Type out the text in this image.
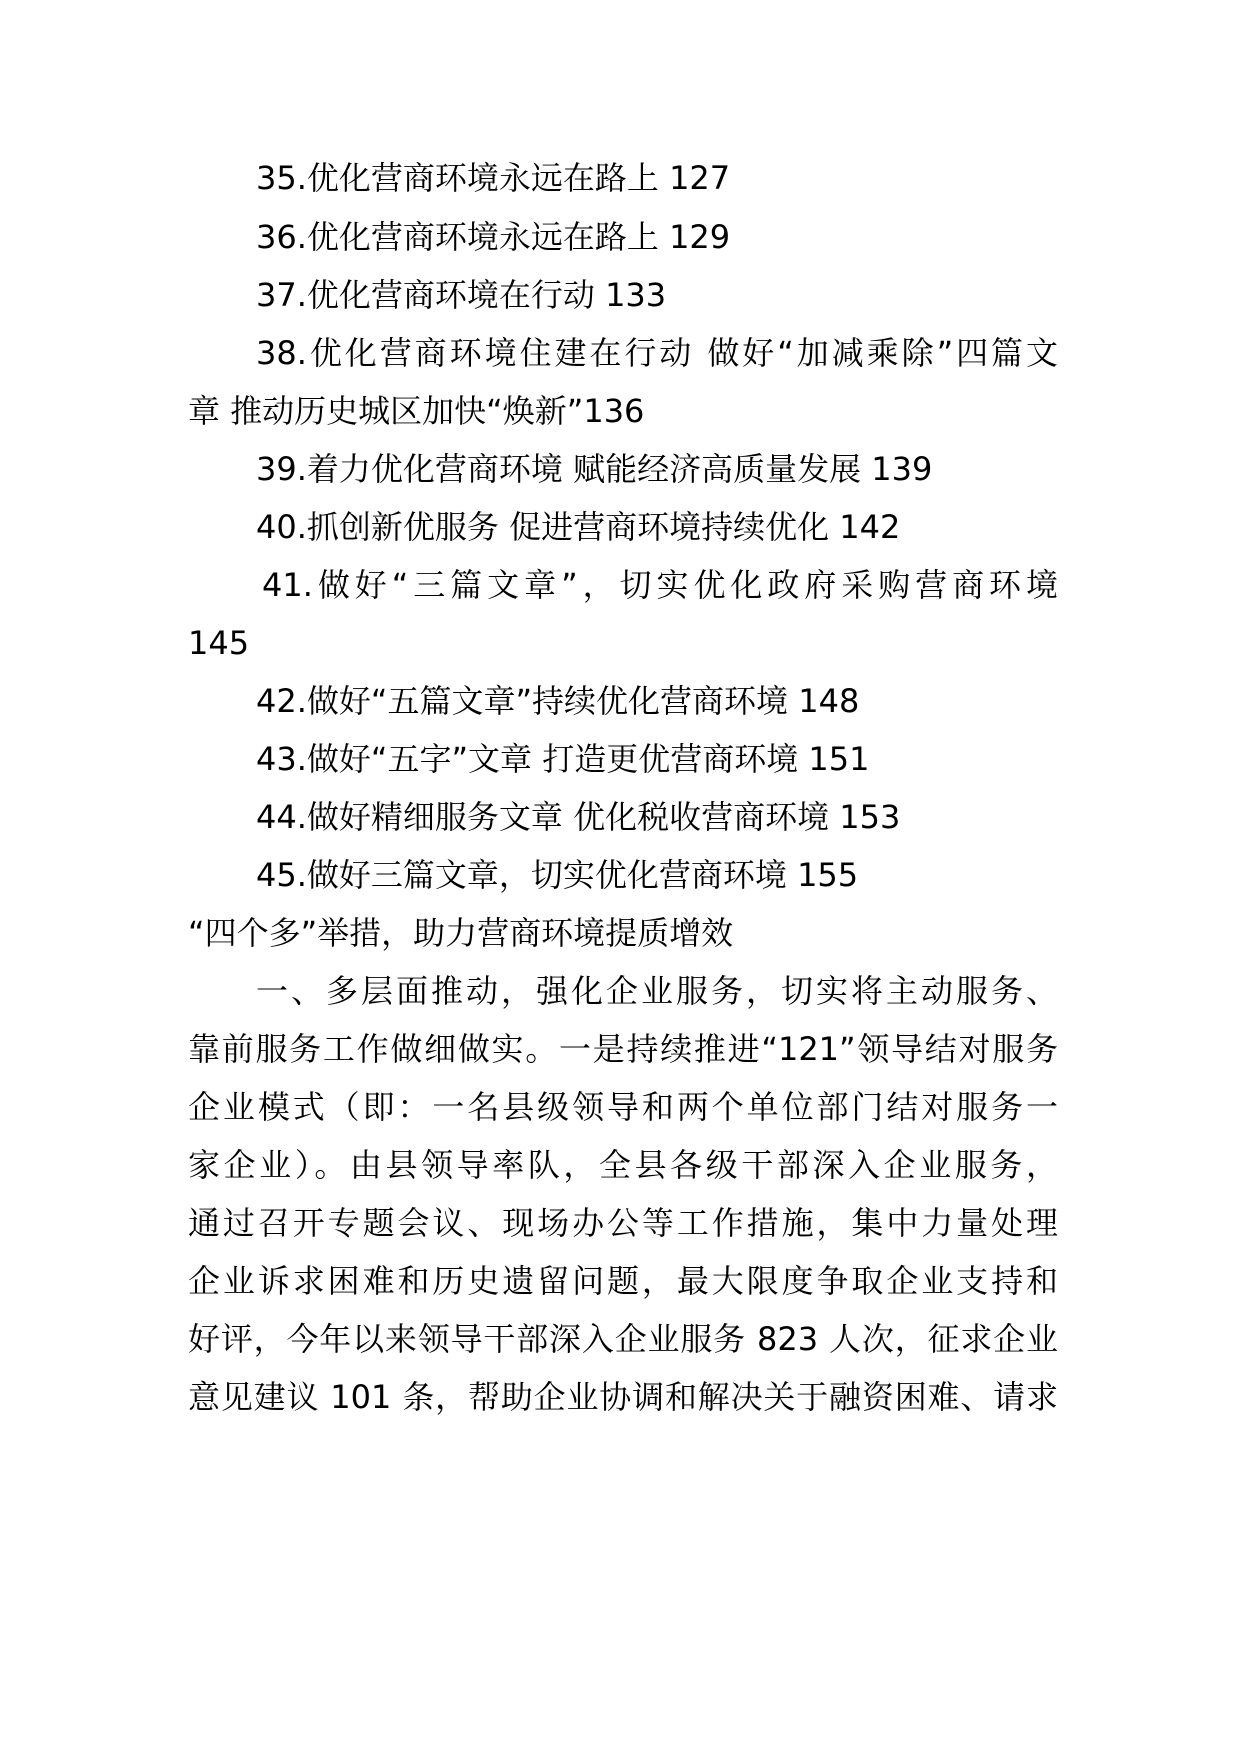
35.优化营商环境永远在路上 127
36.优化营商环境永远在路上 129
37.优化营商环境在行动 133
38.优化营商环境住建在行动 做好“加减乘除”四篇文
章 推动历史城区加快“焕新”136
39.着力优化营商环境 赋能经济高质量发展 139
40.抓创新优服务 促进营商环境持续优化 142
41.做好“三篇文章”，切实优化政府采购营商环境
145
42.做好“五篇文章”持续优化营商环境 148
43.做好“五字”文章 打造更优营商环境 151
44.做好精细服务文章 优化税收营商环境 153
45.做好三篇文章，切实优化营商环境 155
“四个多”举措，助力营商环境提质增效
一、多层面推动，强化企业服务，切实将主动服务、
靠前服务工作做细做实。一是持续推进“121”领导结对服务
企业模式（即：一名县级领导和两个单位部门结对服务一
家企业）。由县领导率队，全县各级干部深入企业服务，
通过召开专题会议、现场办公等工作措施，集中力量处理
企业诉求困难和历史遗留问题，最大限度争取企业支持和
好评，今年以来领导干部深入企业服务 823 人次，征求企业
意见建议 101 条，帮助企业协调和解决关于融资困难、请求
